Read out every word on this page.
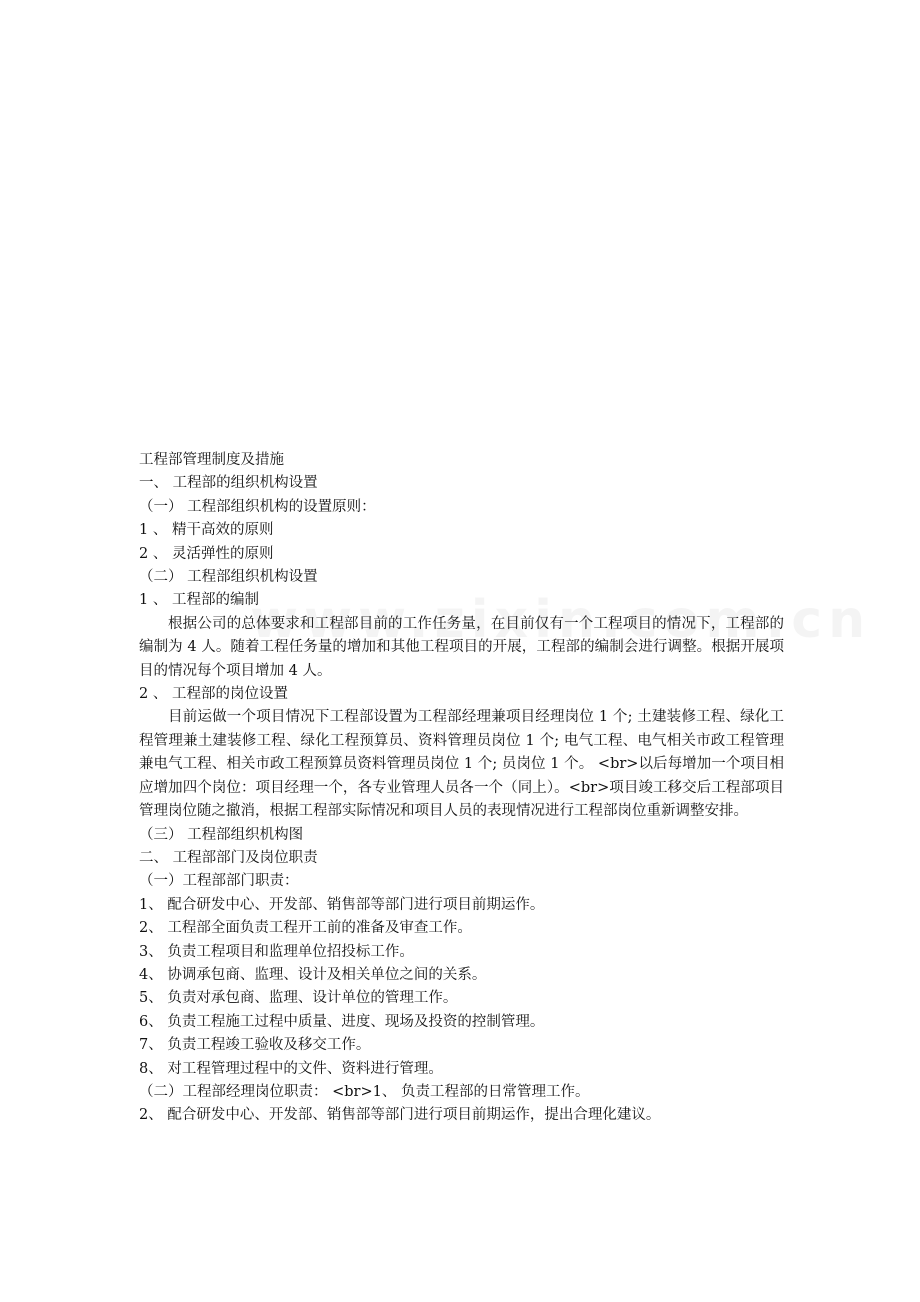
工程部管理制度及措施
一、 工程部的组织机构设置
（一） 工程部组织机构的设置原则：
1 、 精干高效的原则
2 、 灵活弹性的原则
（二） 工程部组织机构设置
1 、 工程部的编制
根据公司的总体要求和工程部目前的工作任务量，在目前仅有一个工程项目的情况下，工程部的编制为 4 人。随着工程任务量的增加和其他工程项目的开展，工程部的编制会进行调整。根据开展项目的情况每个项目增加 4 人。
2 、 工程部的岗位设置
目前运做一个项目情况下工程部设置为工程部经理兼项目经理岗位 1 个; 土建装修工程、绿化工程管理兼土建装修工程、绿化工程预算员、资料管理员岗位 1 个; 电气工程、电气相关市政工程管理兼电气工程、相关市政工程预算员资料管理员岗位 1 个; 员岗位 1 个。 <br>以后每增加一个项目相应增加四个岗位：项目经理一个，各专业管理人员各一个（同上）。<br>项目竣工移交后工程部项目管理岗位随之撤消，根据工程部实际情况和项目人员的表现情况进行工程部岗位重新调整安排。
（三） 工程部组织机构图
二、 工程部部门及岗位职责
（一）工程部部门职责：
1、 配合研发中心、开发部、销售部等部门进行项目前期运作。
2、 工程部全面负责工程开工前的准备及审查工作。
3、 负责工程项目和监理单位招投标工作。
4、 协调承包商、监理、设计及相关单位之间的关系。
5、 负责对承包商、监理、设计单位的管理工作。
6、 负责工程施工过程中质量、进度、现场及投资的控制管理。
7、 负责工程竣工验收及移交工作。
8、 对工程管理过程中的文件、资料进行管理。
（二）工程部经理岗位职责： <br>1、 负责工程部的日常管理工作。
2、 配合研发中心、开发部、销售部等部门进行项目前期运作，提出合理化建议。
